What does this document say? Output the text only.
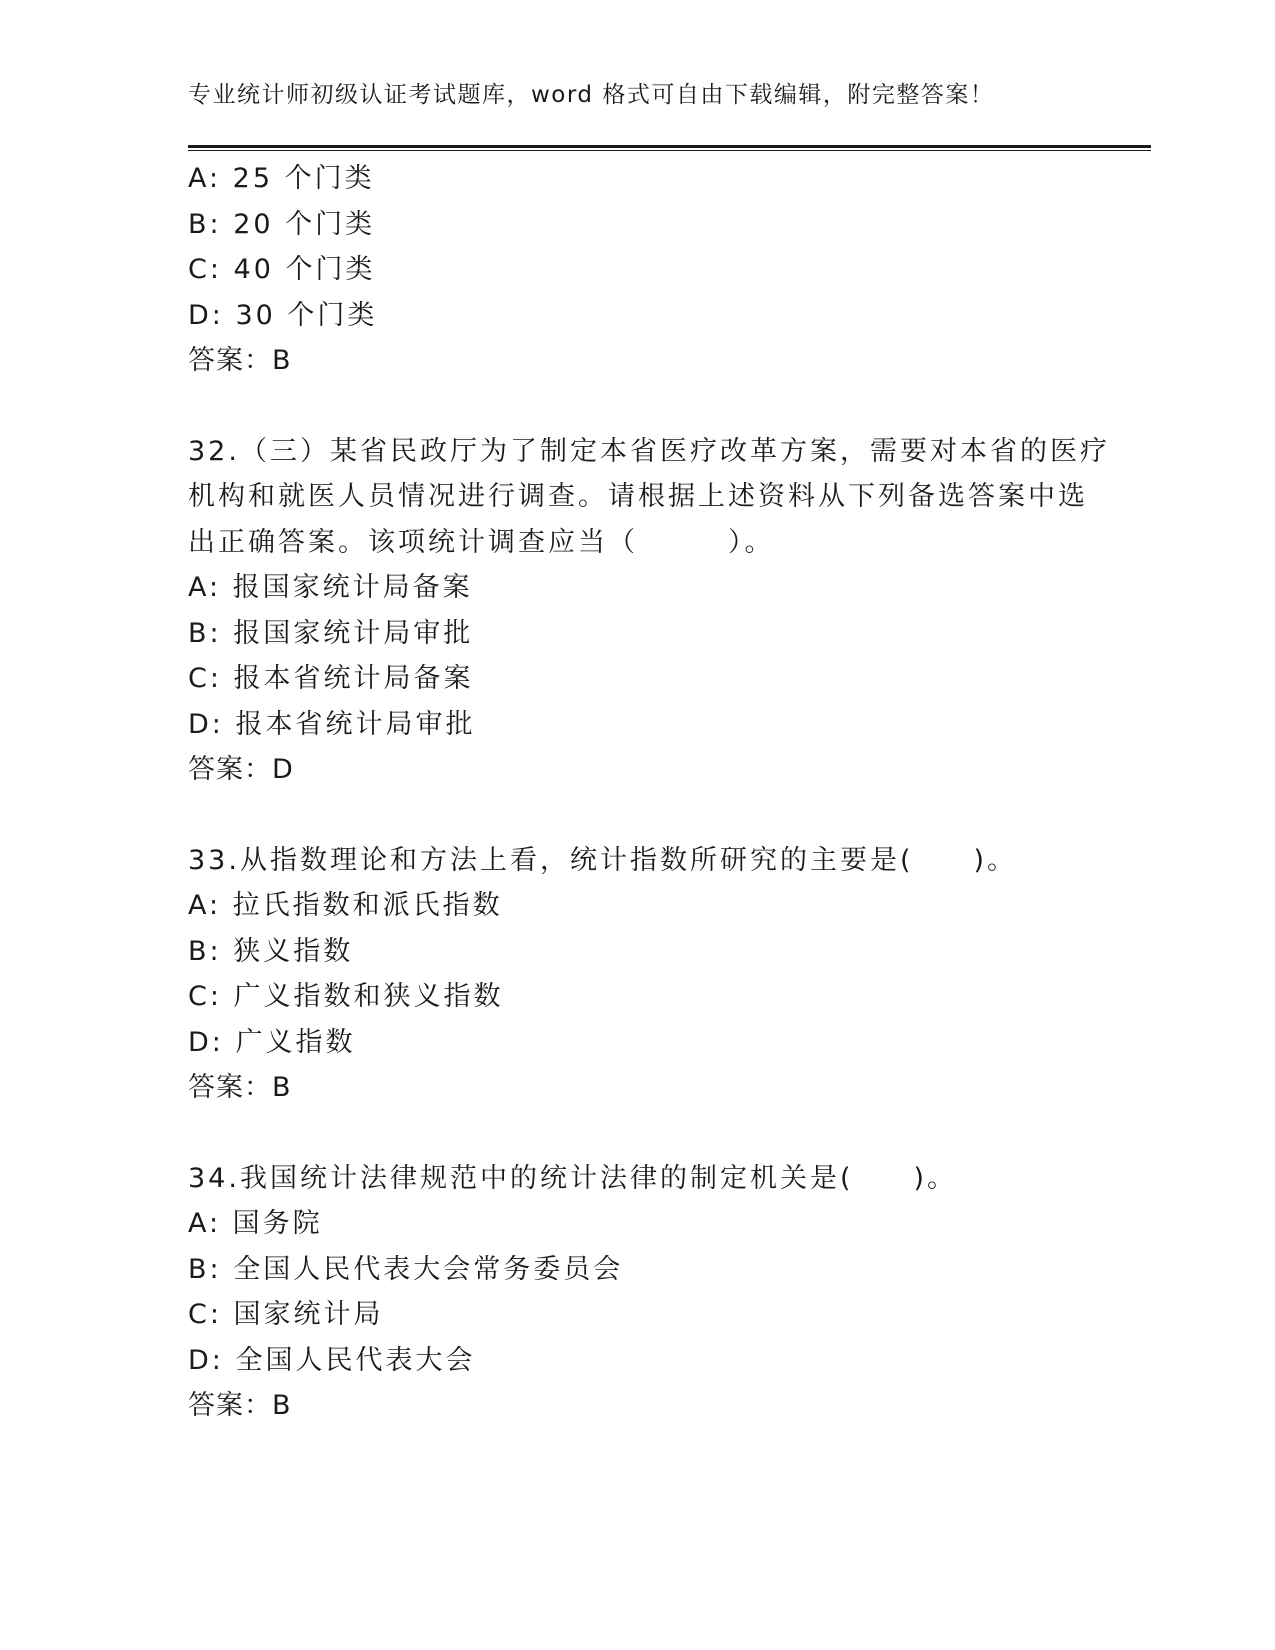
专业统计师初级认证考试题库，word 格式可自由下载编辑，附完整答案！
A: 25 个门类
B: 20 个门类
C: 40 个门类
D: 30 个门类
答案：B
32.（三）某省民政厅为了制定本省医疗改革方案，需要对本省的医疗
机构和就医人员情况进行调查。请根据上述资料从下列备选答案中选
出正确答案。该项统计调查应当（　　　）。
A: 报国家统计局备案
B: 报国家统计局审批
C: 报本省统计局备案
D: 报本省统计局审批
答案：D
33.从指数理论和方法上看，统计指数所研究的主要是(　　)。
A: 拉氏指数和派氏指数
B: 狭义指数
C: 广义指数和狭义指数
D: 广义指数
答案：B
34.我国统计法律规范中的统计法律的制定机关是(　　)。
A: 国务院
B: 全国人民代表大会常务委员会
C: 国家统计局
D: 全国人民代表大会
答案：B
